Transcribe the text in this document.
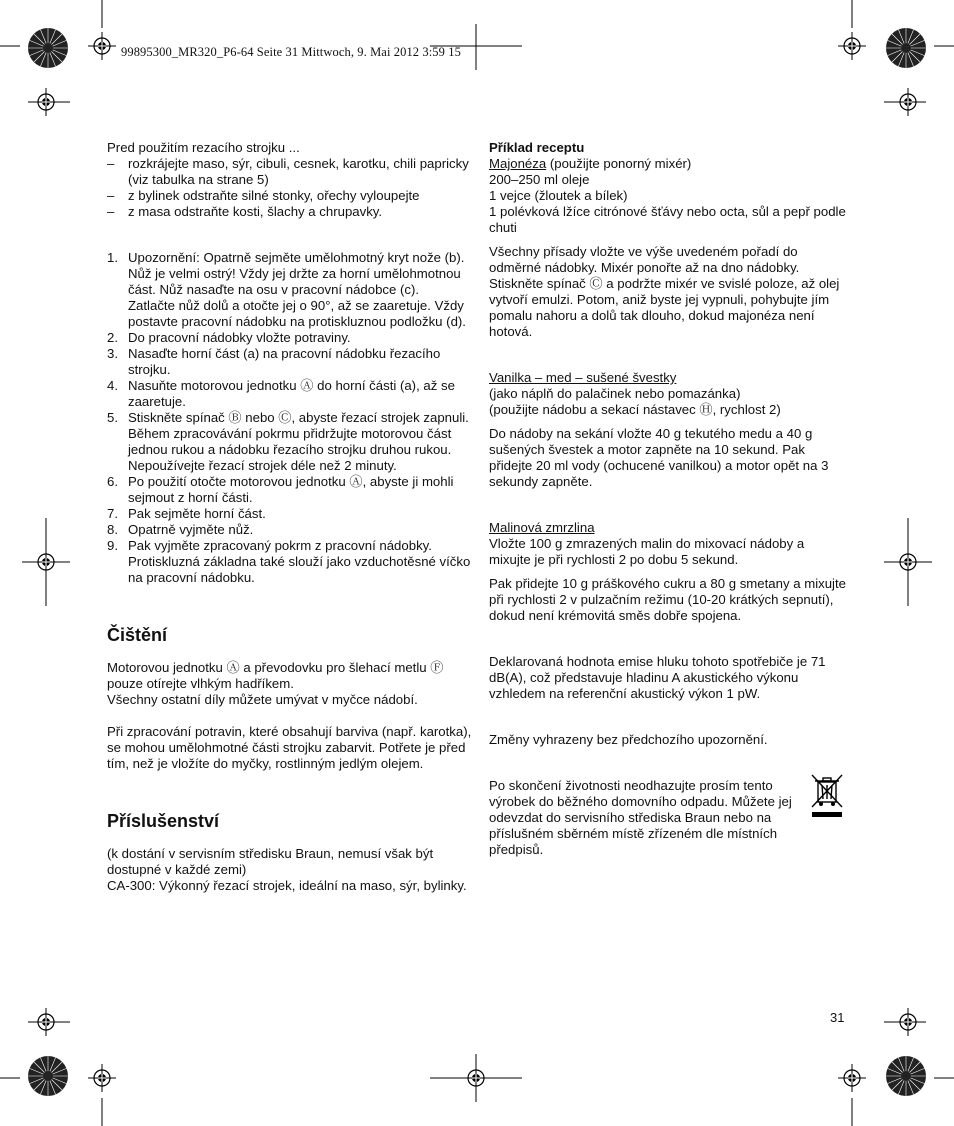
99895300_MR320_P6-64 Seite 31 Mittwoch, 9. Mai 2012 3:59 15

Pred použitím rezacího strojku ...

– rozkrájejte maso, sýr, cibuli, cesnek, karotku, chili papricky (viz tabulka na strane 5)
– z bylinek odstraňte silné stonky, ořechy vyloupejte
– z masa odstraňte kosti, šlachy a chrupavky.
1. Upozornění: Opatrně sejměte umělohmotný kryt nože (b). Nůž je velmi ostrý! Vždy jej držte za horní umělohmotnou část. Nůž nasaďte na osu v pracovní nádobce (c).

Zatlačte nůž dolů a otočte jej o 90°, až se zaaretuje. Vždy postavte pracovní nádobku na protiskluznou podložku (d).

2. Do pracovní nádobky vložte potraviny.

3. Nasaďte horní část (a) na pracovní nádobku řezacího strojku.

4. Nasuňte motorovou jednotku Ⓐ do horní části (a), až se zaaretuje.

5. Stiskněte spínač Ⓑ nebo Ⓒ, abyste řezací strojek zapnuli. Během zpracovávání pokrmu přidržujte motorovou část jednou rukou a nádobku řezacího strojku druhou rukou.

Nepoužívejte řezací strojek déle než 2 minuty.

6. Po použití otočte motorovou jednotku Ⓐ, abyste ji mohli sejmout z horní části.

7. Pak sejměte horní část.

8. Opatrně vyjměte nůž.

9. Pak vyjměte zpracovaný pokrm z pracovní nádobky. Protiskluzná základna také slouží jako vzduchotěsné víčko na pracovní nádobku.

Čištění

Motorovou jednotku Ⓐ a převodovku pro šlehací metlu Ⓕ pouze otírejte vlhkým hadříkem.

Všechny ostatní díly můžete umývat v myčce nádobí.

Při zpracování potravin, které obsahují barviva (např. karotka), se mohou umělohmotné části strojku zabarvit. Potřete je před tím, než je vložíte do myčky, rostlinným jedlým olejem.

Příslušenství

(k dostání v servisním středisku Braun, nemusí však být dostupné v každé zemi)

CA-300: Výkonný řezací strojek, ideální na maso, sýr, bylinky.

Příklad receptu

Majonéza (použijte ponorný mixér)

200–250 ml oleje

1 vejce (žloutek a bílek)

1 polévková lžíce citrónové šťávy nebo octa, sůl a pepř podle chuti

Všechny přísady vložte ve výše uvedeném pořadí do odměrné nádobky. Mixér ponořte až na dno nádobky. Stiskněte spínač Ⓒ a podržte mixér ve svislé poloze, až olej vytvoří emulzi. Potom, aniž byste jej vypnuli, pohybujte jím pomalu nahoru a dolů tak dlouho, dokud majonéza není hotová.

Vanilka – med – sušené švestky

(jako náplň do palačinek nebo pomazánka)

(použijte nádobu a sekací nástavec Ⓗ, rychlost 2)

Do nádoby na sekání vložte 40 g tekutého medu a 40 g sušených švestek a motor zapněte na 10 sekund. Pak přidejte 20 ml vody (ochucené vanilkou) a motor opět na 3 sekundy zapněte.

Malinová zmrzlina

Vložte 100 g zmrazených malin do mixovací nádoby a mixujte je při rychlosti 2 po dobu 5 sekund.

Pak přidejte 10 g práškového cukru a 80 g smetany a mixujte při rychlosti 2 v pulzačním režimu (10-20 krátkých sepnutí), dokud není krémovitá směs dobře spojena.

Deklarovaná hodnota emise hluku tohoto spotřebiče je 71 dB(A), což představuje hladinu A akustického výkonu vzhledem na referenční akustický výkon 1 pW.

Změny vyhrazeny bez předchozího upozornění.

Po skončení životnosti neodhazujte prosím tento výrobek do běžného domovního odpadu. Můžete jej odevzdat do servisního střediska Braun nebo na příslušném sběrném místě zřízeném dle místních předpisů.

31
